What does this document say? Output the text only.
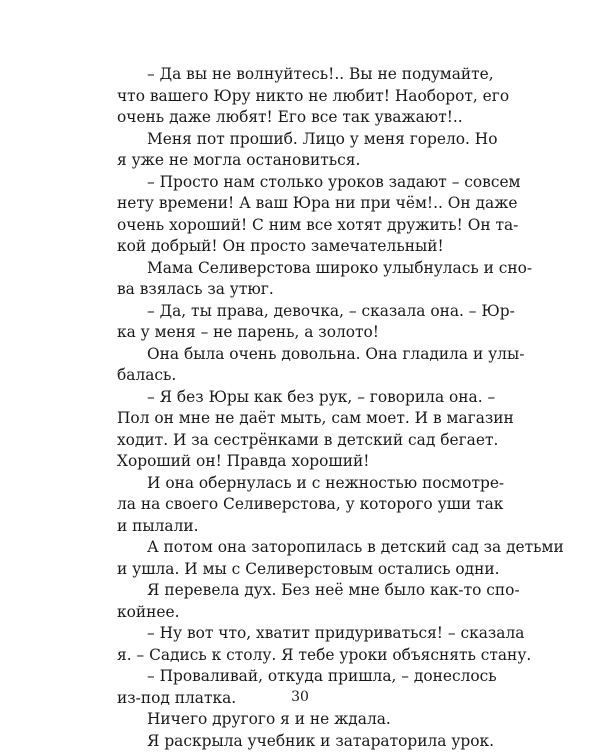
– Да вы не волнуйтесь!.. Вы не подумайте,
что вашего Юру никто не любит! Наоборот, его
очень даже любят! Его все так уважают!..
Меня пот прошиб. Лицо у меня горело. Но
я уже не могла остановиться.
– Просто нам столько уроков задают – совсем
нету времени! А ваш Юра ни при чём!.. Он даже
очень хороший! С ним все хотят дружить! Он та-
кой добрый! Он просто замечательный!
Мама Селиверстова широко улыбнулась и сно-
ва взялась за утюг.
– Да, ты права, девочка, – сказала она. – Юр-
ка у меня – не парень, а золото!
Она была очень довольна. Она гладила и улы-
балась.
– Я без Юры как без рук, – говорила она. –
Пол он мне не даёт мыть, сам моет. И в магазин
ходит. И за сестрёнками в детский сад бегает.
Хороший он! Правда хороший!
И она обернулась и с нежностью посмотре-
ла на своего Селиверстова, у которого уши так
и пылали.
А потом она заторопилась в детский сад за детьми
и ушла. И мы с Селиверстовым остались одни.
Я перевела дух. Без неё мне было как-то спо-
койнее.
– Ну вот что, хватит придуриваться! – сказала
я. – Садись к столу. Я тебе уроки объяснять стану.
– Проваливай, откуда пришла, – донеслось
из-под платка.
Ничего другого я и не ждала.
Я раскрыла учебник и затараторила урок.
30
